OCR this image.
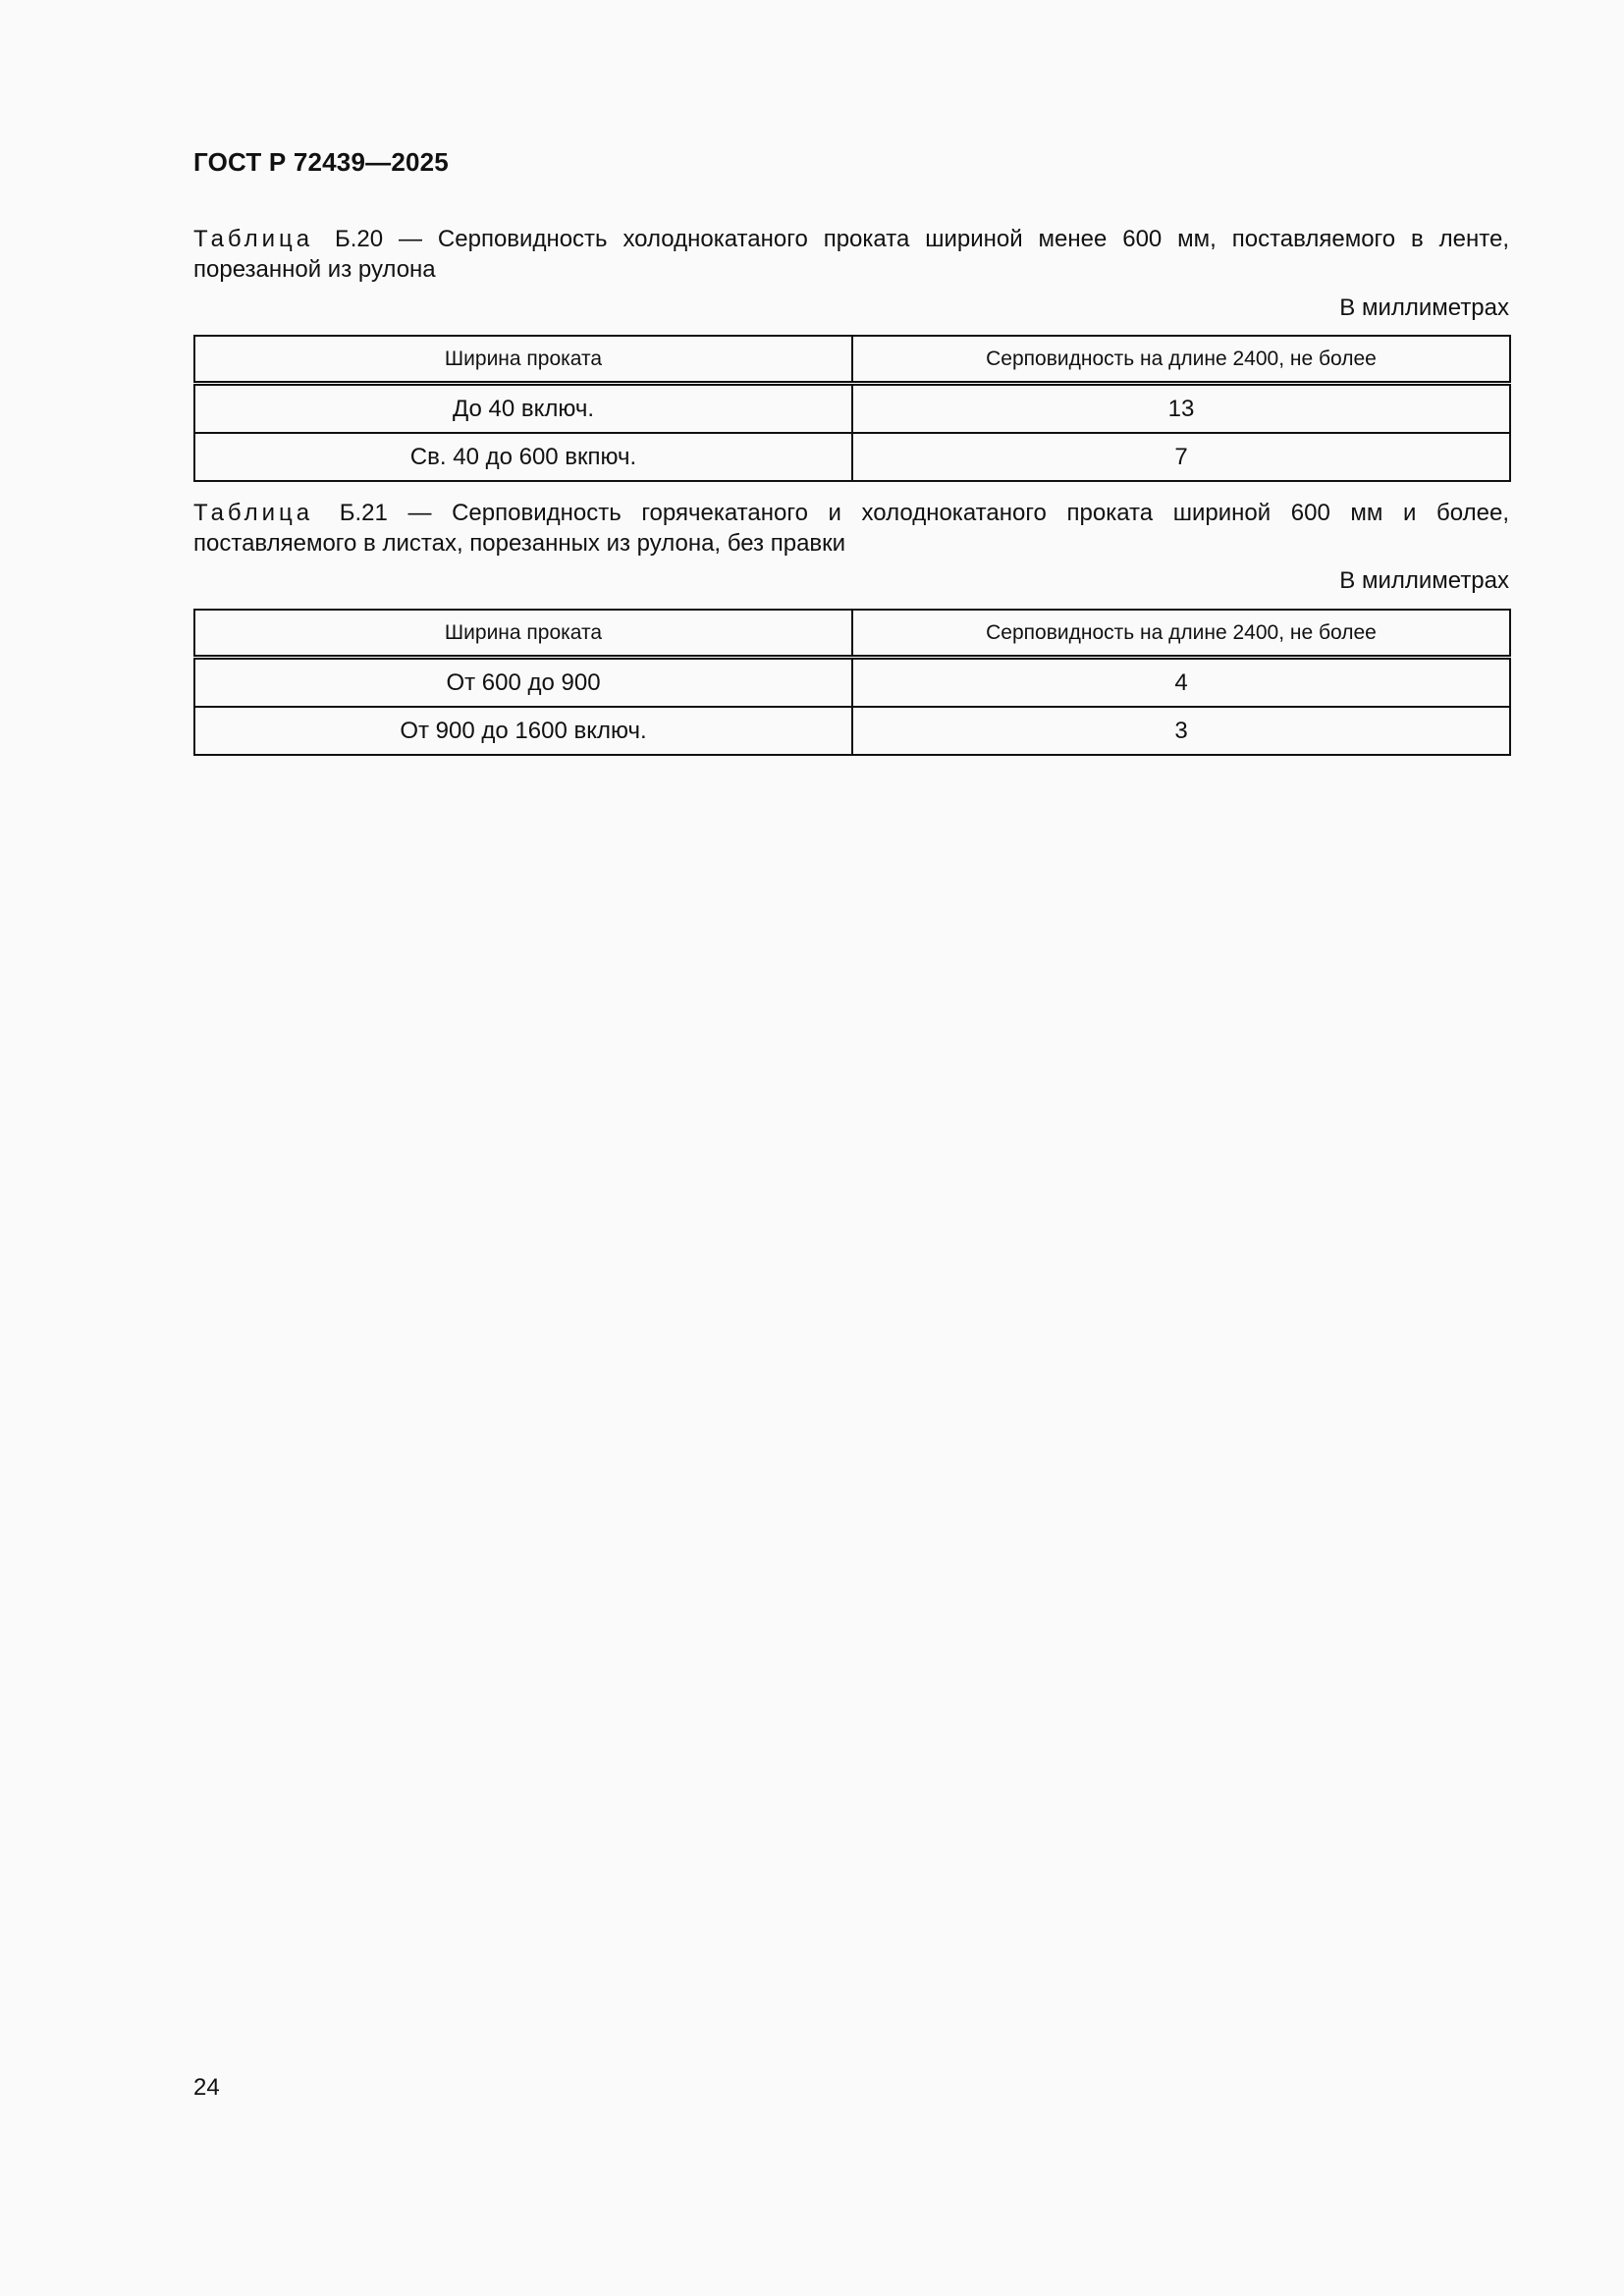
ГОСТ Р 72439—2025

Таблица Б.20 — Серповидность холоднокатаного проката шириной менее 600 мм, поставляемого в ленте, порезанной из рулона

В миллиметрах

Ширина проката	Серповидность на длине 2400, не более
До 40 включ.	13
Св. 40 до 600 вкпюч.	7

Таблица Б.21 — Серповидность горячекатаного и холоднокатаного проката шириной 600 мм и более, поставляемого в листах, порезанных из рулона, без правки

В миллиметрах

Ширина проката	Серповидность на длине 2400, не более
От 600 до 900	4
От 900 до 1600 включ.	3

24
